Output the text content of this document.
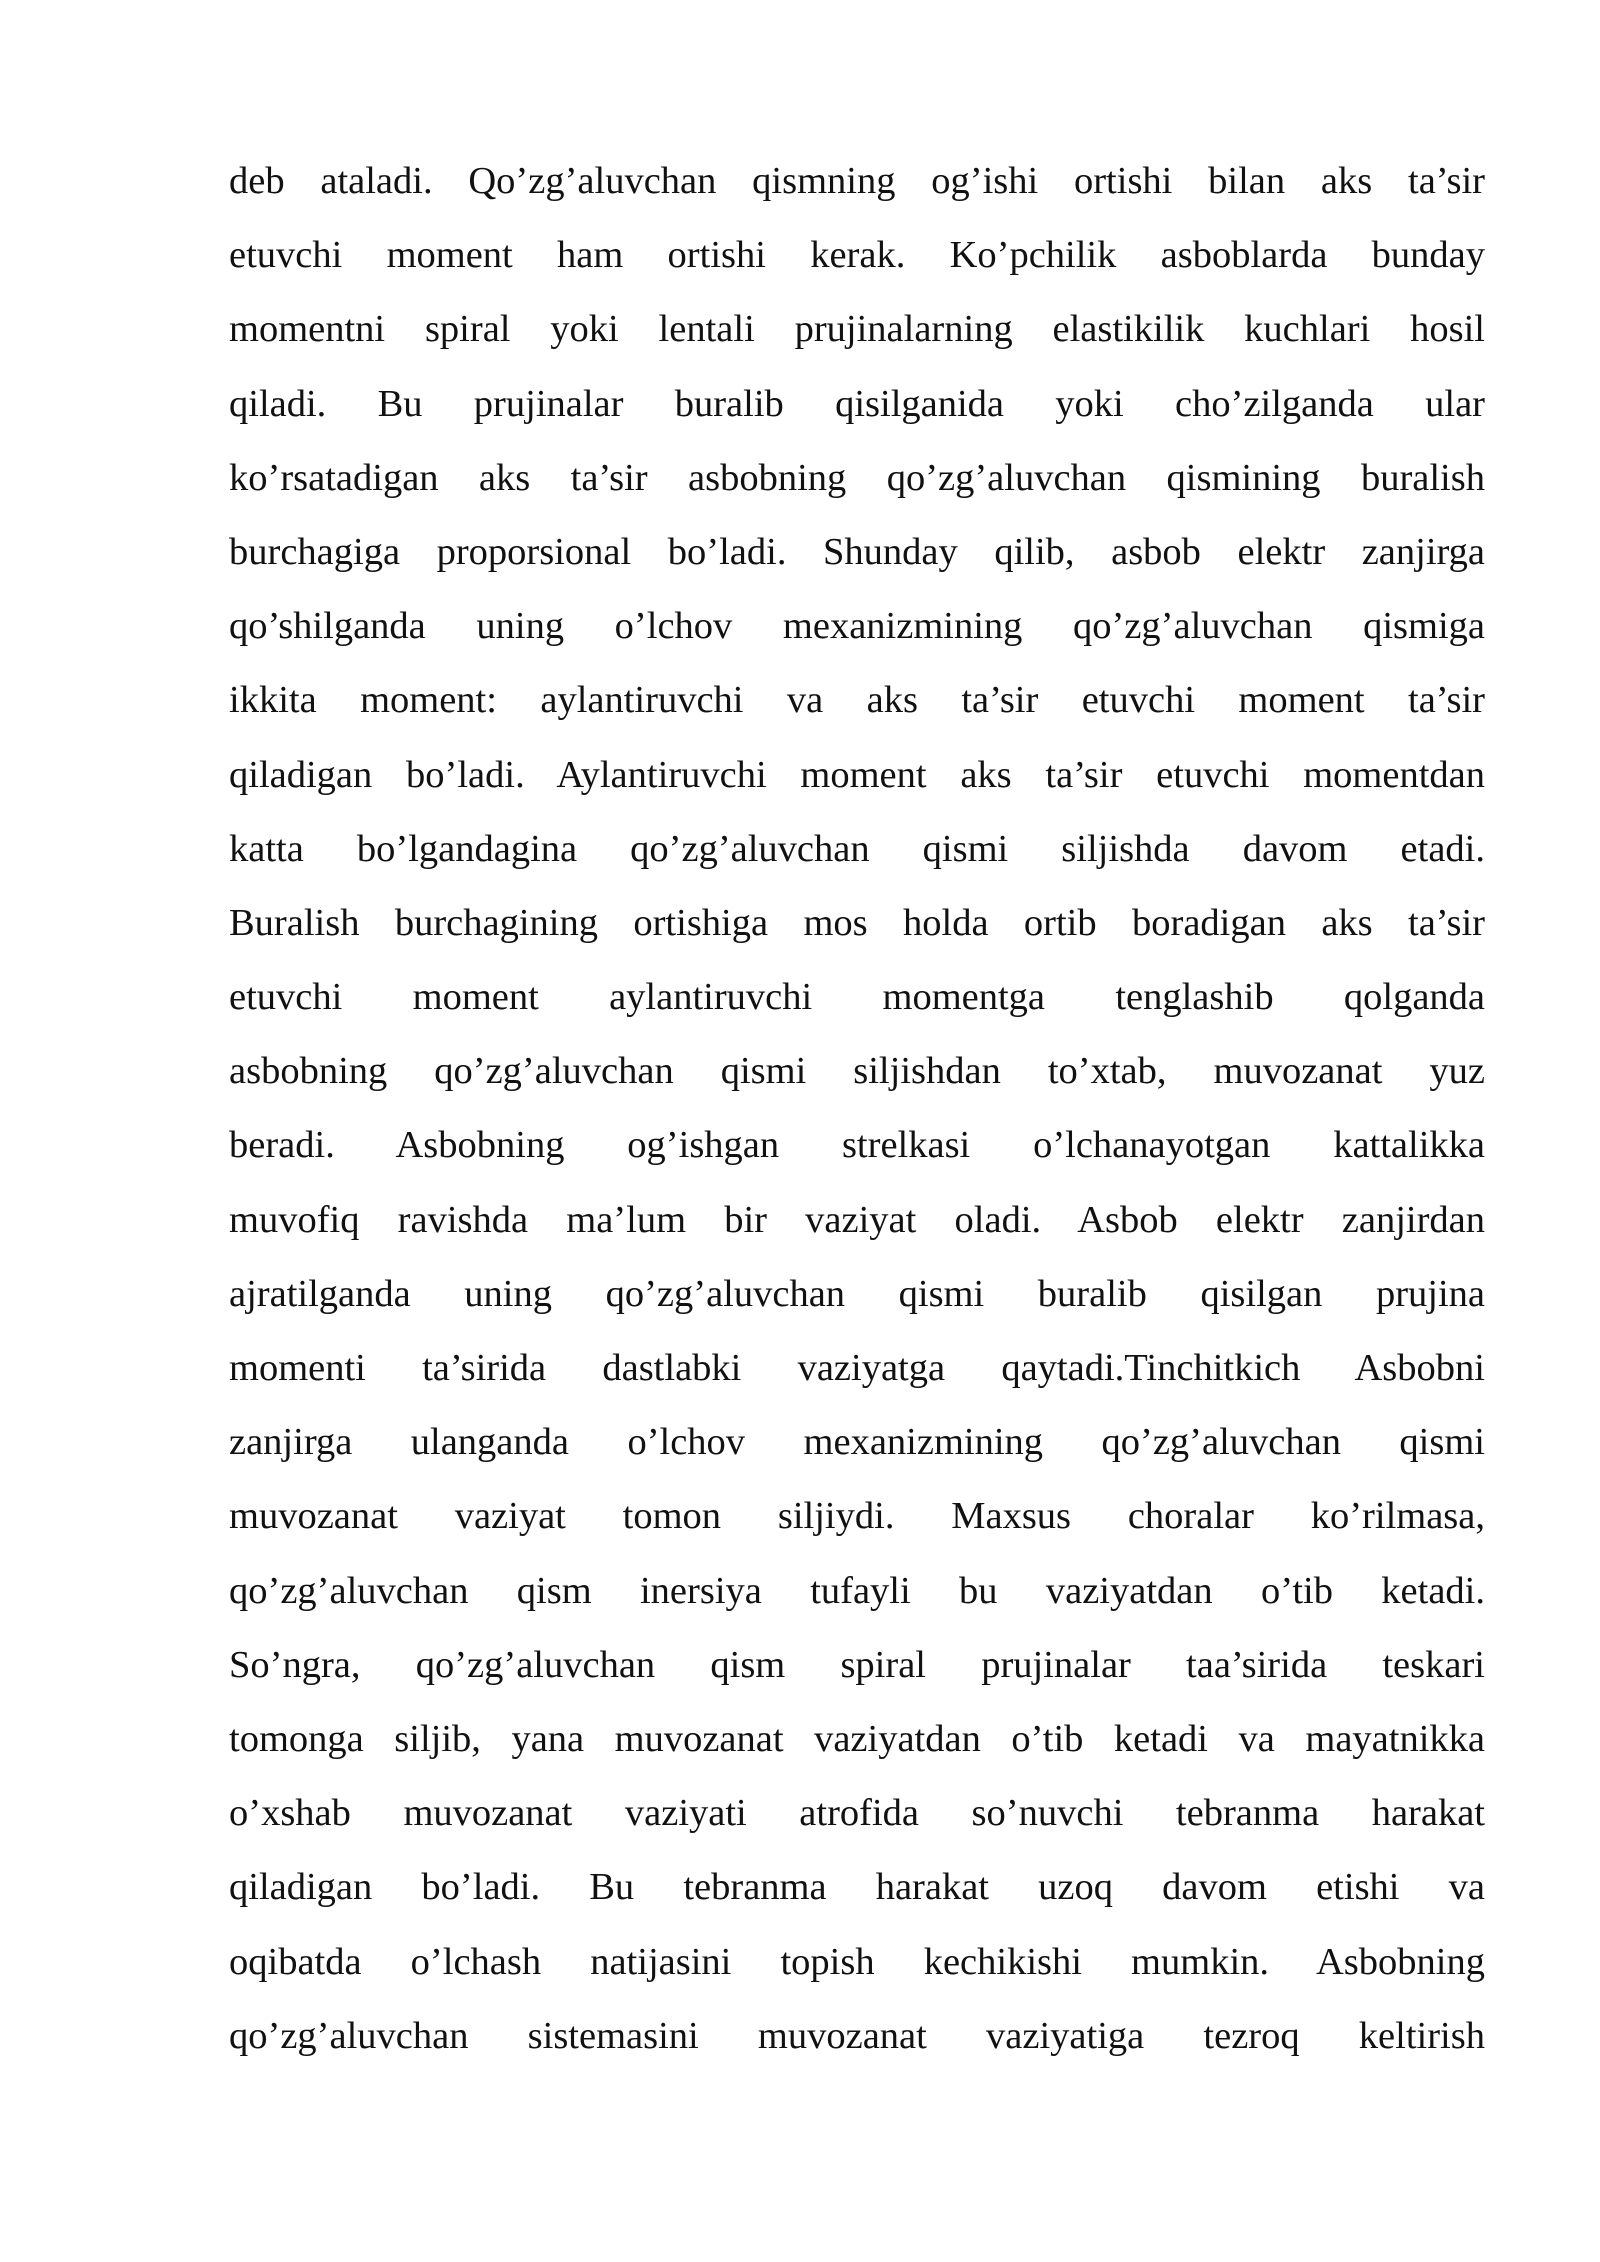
deb ataladi. Qo’zg’aluvchan qismning og’ishi ortishi bilan aks ta’sir
etuvchi moment ham ortishi kerak. Ko’pchilik asboblarda bunday
momentni spiral yoki lentali prujinalarning elastikilik kuchlari hosil
qiladi. Bu prujinalar buralib qisilganida yoki cho’zilganda ular
ko’rsatadigan aks ta’sir asbobning qo’zg’aluvchan qismining buralish
burchagiga proporsional bo’ladi. Shunday qilib, asbob elektr zanjirga
qo’shilganda uning o’lchov mexanizmining qo’zg’aluvchan qismiga
ikkita moment: aylantiruvchi va aks ta’sir etuvchi moment ta’sir
qiladigan bo’ladi. Aylantiruvchi moment aks ta’sir etuvchi momentdan
katta bo’lgandagina qo’zg’aluvchan qismi siljishda davom etadi.
Buralish burchagining ortishiga mos holda ortib boradigan aks ta’sir
etuvchi moment aylantiruvchi momentga tenglashib qolganda
asbobning qo’zg’aluvchan qismi siljishdan to’xtab, muvozanat yuz
beradi. Asbobning og’ishgan strelkasi o’lchanayotgan kattalikka
muvofiq ravishda ma’lum bir vaziyat oladi. Asbob elektr zanjirdan
ajratilganda uning qo’zg’aluvchan qismi buralib qisilgan prujina
momenti ta’sirida dastlabki vaziyatga qaytadi.Tinchitkich Asbobni
zanjirga ulanganda o’lchov mexanizmining qo’zg’aluvchan qismi
muvozanat vaziyat tomon siljiydi. Maxsus choralar ko’rilmasa,
qo’zg’aluvchan qism inersiya tufayli bu vaziyatdan o’tib ketadi.
So’ngra, qo’zg’aluvchan qism spiral prujinalar taa’sirida teskari
tomonga siljib, yana muvozanat vaziyatdan o’tib ketadi va mayatnikka
o’xshab muvozanat vaziyati atrofida so’nuvchi tebranma harakat
qiladigan bo’ladi. Bu tebranma harakat uzoq davom etishi va
oqibatda o’lchash natijasini topish kechikishi mumkin. Asbobning
qo’zg’aluvchan sistemasini muvozanat vaziyatiga tezroq keltirish
